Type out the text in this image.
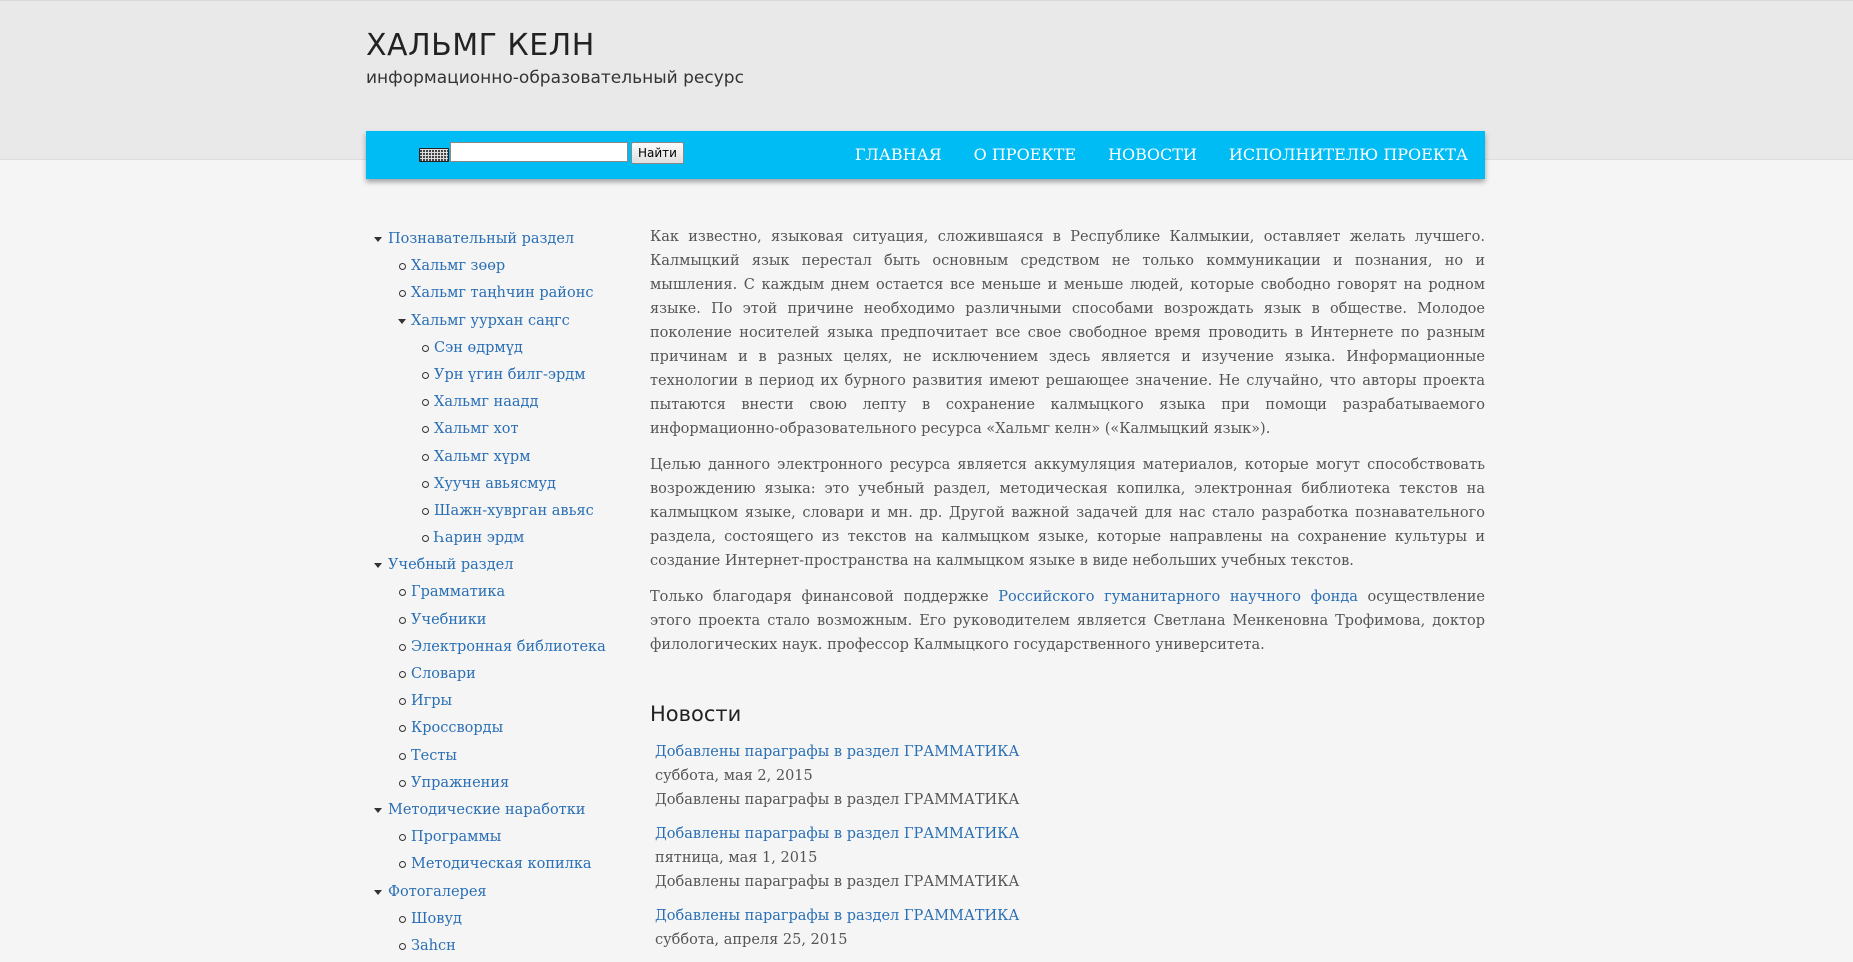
ХАЛЬМГ КЕЛН
информационно-образовательный ресурс
Найти	ГЛАВНАЯ О ПРОЕКТЕ НОВОСТИ ИСПОЛНИТЕЛЮ ПРОЕКТА
Познавательный раздел
Хальмг зөөр
Хальмг таңһчин районс
Хальмг уурхан саңгс
Сэн өдрмүд
Урн үгин билг-эрдм
Хальмг наадд
Хальмг хот
Хальмг хүрм
Хуучн авьясмуд
Шажн-хуврган авьяс
Һарин эрдм
Учебный раздел
Грамматика
Учебники
Электронная библиотека
Словари
Игры
Кроссворды
Тесты
Упражнения
Методические наработки
Программы
Методическая копилка
Фотогалерея
Шовуд
Заһсн

Как известно, языковая ситуация, сложившаяся в Республике Калмыкии, оставляет желать лучшего. Калмыцкий язык перестал быть основным средством не только коммуникации и познания, но и мышления. С каждым днем остается все меньше и меньше людей, которые свободно говорят на родном языке. По этой причине необходимо различными способами возрождать язык в обществе. Молодое поколение носителей языка предпочитает все свое свободное время проводить в Интернете по разным причинам и в разных целях, не исключением здесь является и изучение языка. Информационные технологии в период их бурного развития имеют решающее значение. Не случайно, что авторы проекта пытаются внести свою лепту в сохранение калмыцкого языка при помощи разрабатываемого информационно-образовательного ресурса «Хальмг келн» («Калмыцкий язык»).

Целью данного электронного ресурса является аккумуляция материалов, которые могут способствовать возрождению языка: это учебный раздел, методическая копилка, электронная библиотека текстов на калмыцком языке, словари и мн. др. Другой важной задачей для нас стало разработка познавательного раздела, состоящего из текстов на калмыцком языке, которые направлены на сохранение культуры и создание Интернет-пространства на калмыцком языке в виде небольших учебных текстов.

Только благодаря финансовой поддержке Российского гуманитарного научного фонда осуществление этого проекта стало возможным. Его руководителем является Светлана Менкеновна Трофимова, доктор филологических наук. профессор Калмыцкого государственного университета.

Новости
Добавлены параграфы в раздел ГРАММАТИКА
суббота, мая 2, 2015
Добавлены параграфы в раздел ГРАММАТИКА
Добавлены параграфы в раздел ГРАММАТИКА
пятница, мая 1, 2015
Добавлены параграфы в раздел ГРАММАТИКА
Добавлены параграфы в раздел ГРАММАТИКА
суббота, апреля 25, 2015
